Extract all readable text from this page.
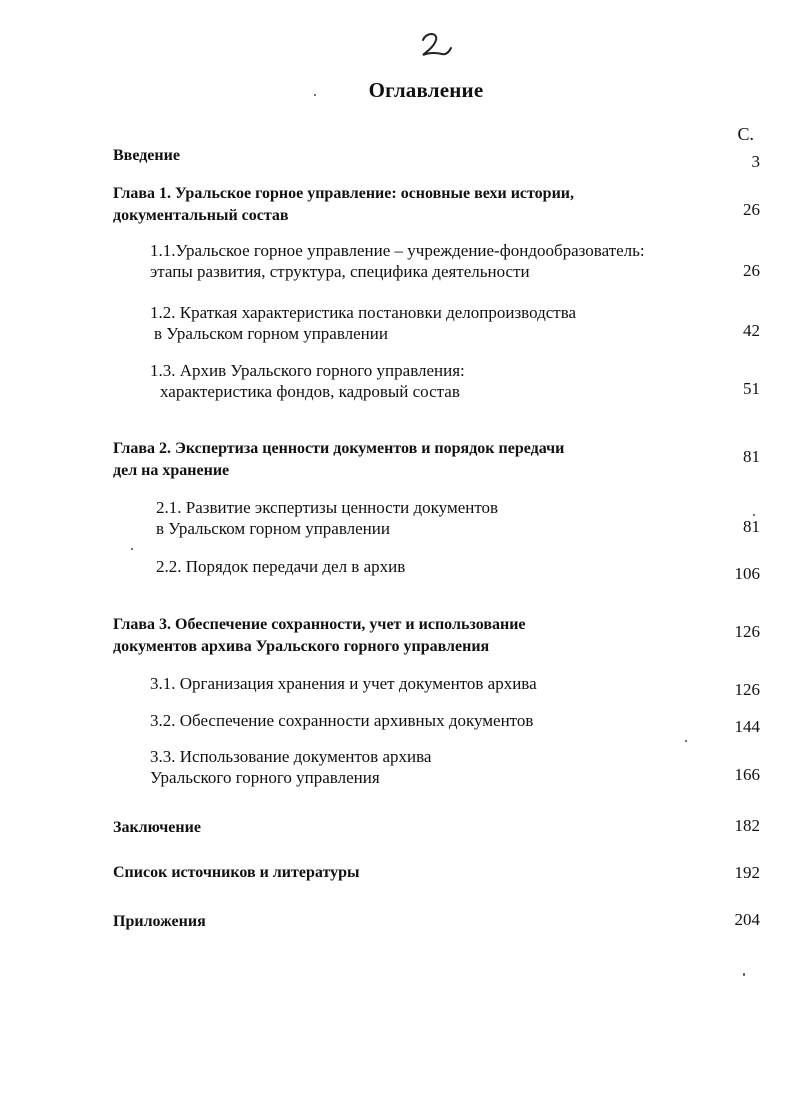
Оглавление
С.
Введение	3
Глава 1. Уральское горное управление: основные вехи истории,
документальный состав	26
1.1.Уральское горное управление – учреждение-фондообразователь:
этапы развития, структура, специфика деятельности	26
1.2. Краткая характеристика постановки делопроизводства
в Уральском горном управлении	42
1.3. Архив Уральского горного управления:
характеристика фондов, кадровый состав	51
Глава 2. Экспертиза ценности документов и порядок передачи
дел на хранение
81
2.1. Развитие экспертизы ценности документов
в Уральском горном управлении	81
2.2. Порядок передачи дел в архив	106
Глава 3. Обеспечение сохранности, учет и использование
документов архива Уральского горного управления
126
3.1. Организация хранения и учет документов архива	126
3.2. Обеспечение сохранности архивных документов	144
3.3. Использование документов архива
Уральского горного управления	166
Заключение	182
Список источников и литературы	192
Приложения	204
